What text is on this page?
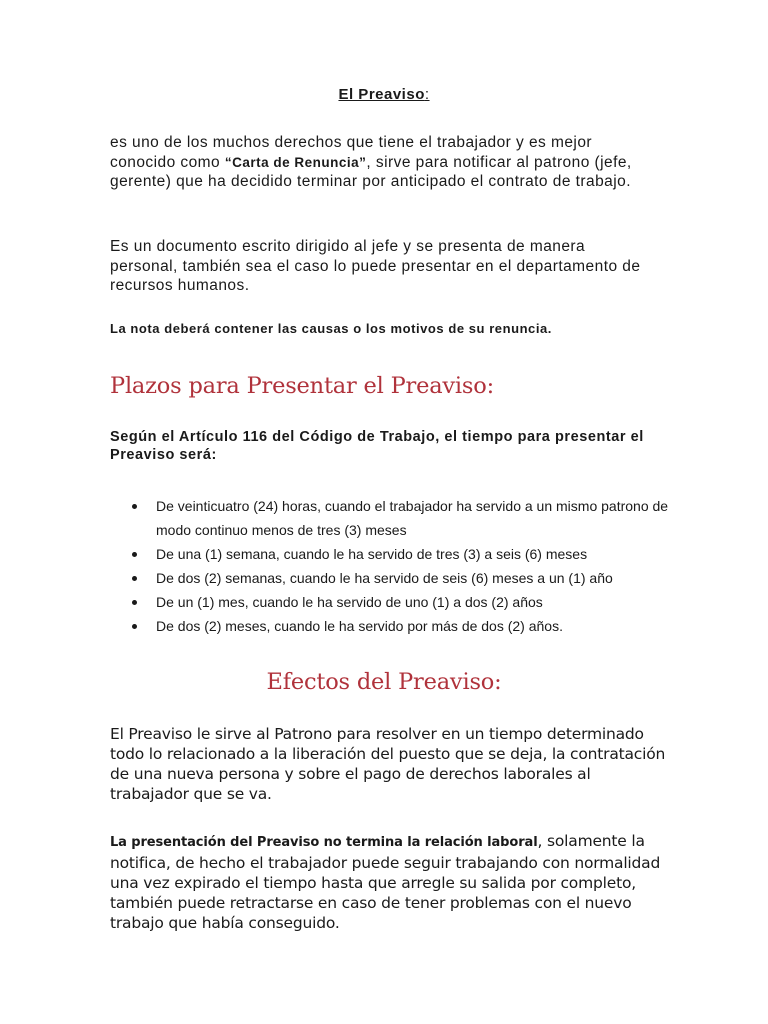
El Preaviso:
es uno de los muchos derechos que tiene el trabajador y es mejor conocido como “Carta de Renuncia”, sirve para notificar al patrono (jefe, gerente) que ha decidido terminar por anticipado el contrato de trabajo.
Es un documento escrito dirigido al jefe y se presenta de manera personal, también sea el caso lo puede presentar en el departamento de recursos humanos.
La nota deberá contener las causas o los motivos de su renuncia.
Plazos para Presentar el Preaviso:
Según el Artículo 116 del Código de Trabajo, el tiempo para presentar el Preaviso será:
De veinticuatro (24) horas, cuando el trabajador ha servido a un mismo patrono de modo continuo menos de tres (3) meses
De una (1) semana, cuando le ha servido de tres (3) a seis (6) meses
De dos (2) semanas, cuando le ha servido de seis (6) meses a un (1) año
De un (1) mes, cuando le ha servido de uno (1) a dos (2) años
De dos (2) meses, cuando le ha servido por más de dos (2) años.
Efectos del Preaviso:
El Preaviso le sirve al Patrono para resolver en un tiempo determinado todo lo relacionado a la liberación del puesto que se deja, la contratación de una nueva persona y sobre el pago de derechos laborales al trabajador que se va.
La presentación del Preaviso no termina la relación laboral, solamente la notifica, de hecho el trabajador puede seguir trabajando con normalidad una vez expirado el tiempo hasta que arregle su salida por completo, también puede retractarse en caso de tener problemas con el nuevo trabajo que había conseguido.
